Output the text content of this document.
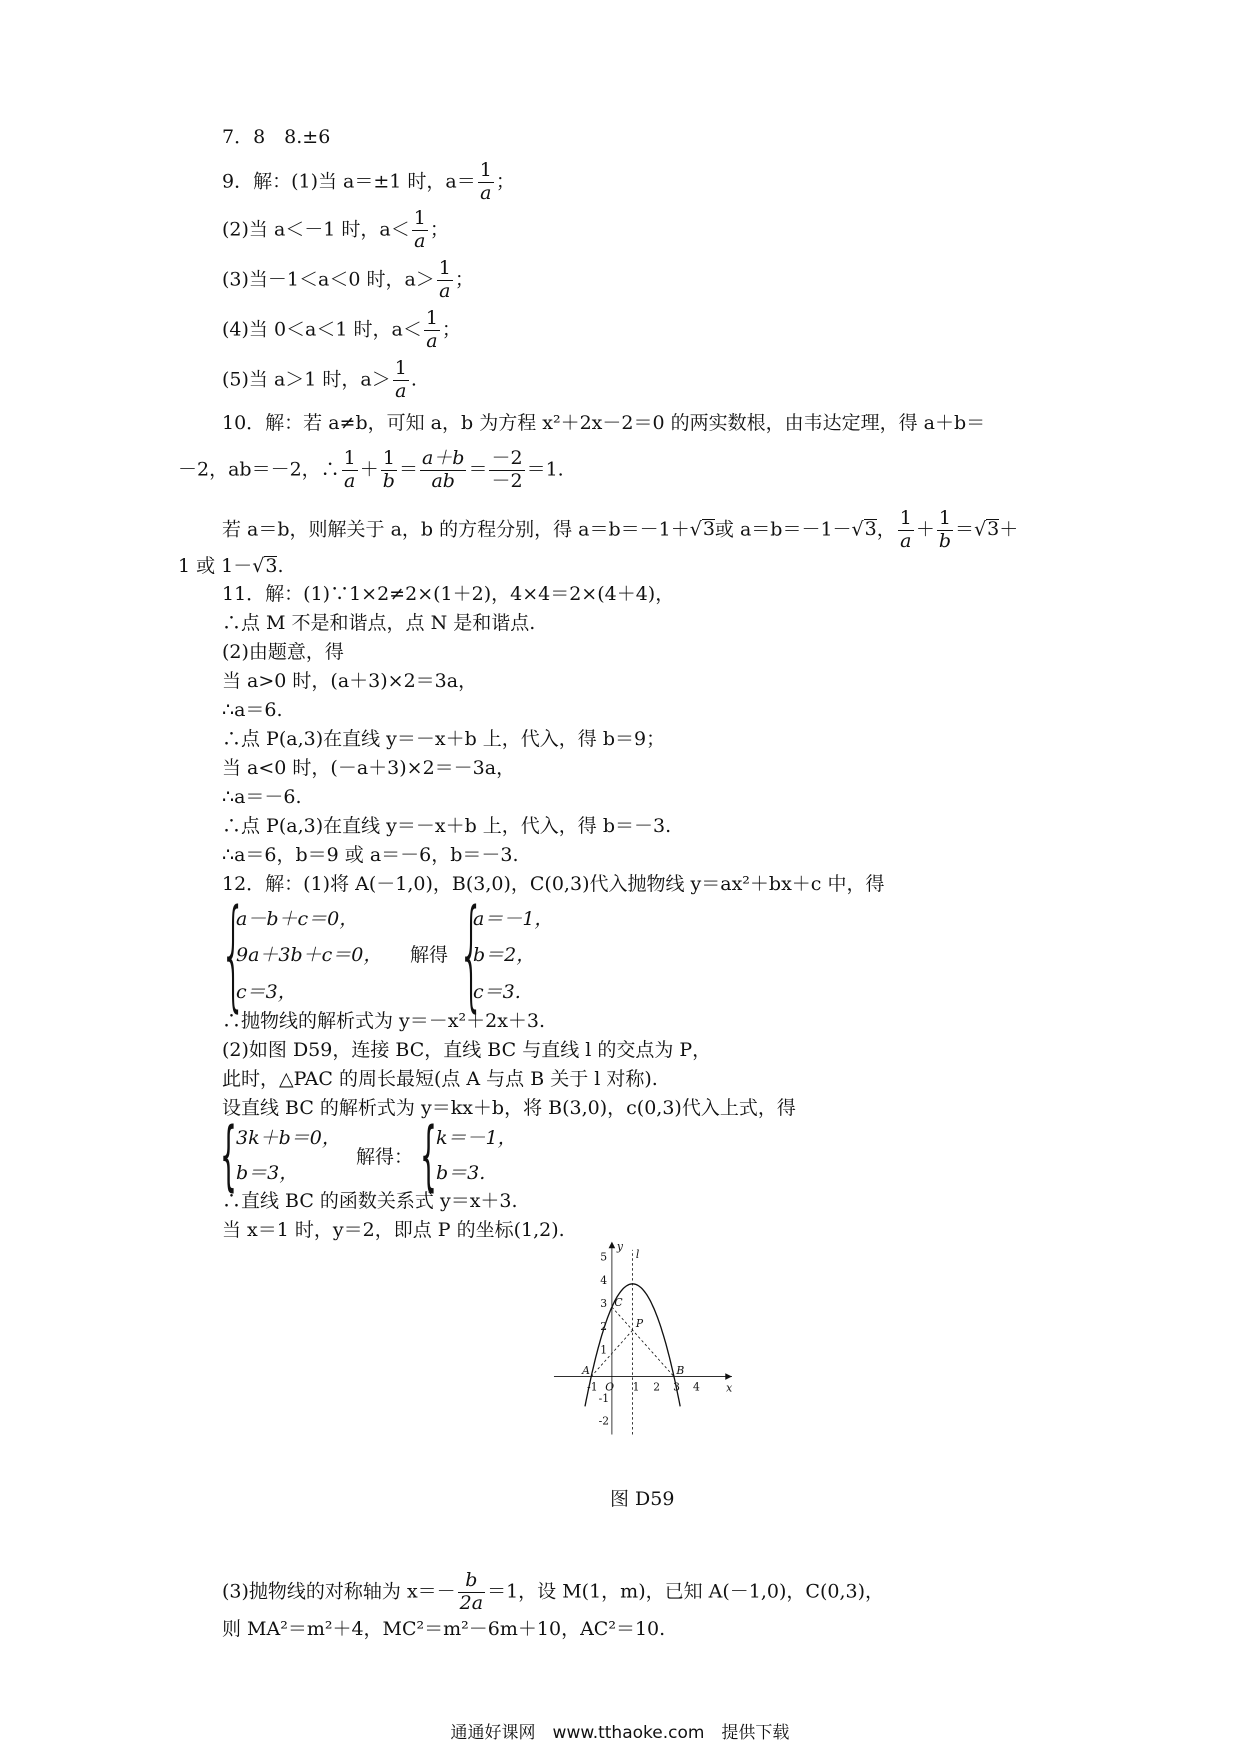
7．8　8.±6
9．解：(1)当 a＝±1 时，$a= \frac{1}{a}$ ；
(2)当 a＜－1 时，$a< \frac{1}{a}$ ；
(3)当－1＜a＜0 时，$a> \frac{1}{a}$ ；
(4)当 0＜a＜1 时，$a< \frac{1}{a}$ ；
(5)当 a＞1 时，$a> \frac{1}{a}$ .
10．解：若 a≠b，可知 a，b 为方程 x²＋2x－2＝0 的两实数根，由韦达定理，得 a＋b＝
－2，ab＝－2，∴ $\frac{1}{a} + \frac{1}{b} = \frac{a+b}{ab} = \frac{-2}{-2} =1$.
若 a＝b，则解关于 a，b 的方程分别，得 a＝b＝－1＋√3或 a＝b＝－1－√3， $\frac{1}{a} + \frac{1}{b} =√3+$
1 或 1－√3.
11．解：(1)∵1×2≠2×(1＋2)，4×4＝2×(4＋4)，
∴点 M 不是和谐点，点 N 是和谐点.
(2)由题意，得
当 a>0 时，(a＋3)×2＝3a，
∴a＝6.
∴点 P(a,3)在直线 y＝－x＋b 上，代入，得 b＝9；
当 a<0 时，(－a＋3)×2＝－3a，
∴a＝－6.
∴点 P(a,3)在直线 y＝－x＋b 上，代入，得 b＝－3.
∴a＝6，b＝9 或 a＝－6，b＝－3.
12．解：(1)将 A(－1,0)，B(3,0)，C(0,3)代入抛物线 y＝ax²＋bx＋c 中，得
{
a－b＋c＝0，
9a＋3b＋c＝0，
c＝3，
解得 {
a＝－1，
b＝2，
c＝3.
∴抛物线的解析式为 y＝－x²＋2x＋3.
(2)如图 D59，连接 BC，直线 BC 与直线 l 的交点为 P，
此时，△PAC 的周长最短(点 A 与点 B 关于 l 对称).
设直线 BC 的解析式为 y＝kx＋b，将 B(3,0)，c(0,3)代入上式，得
{ 3k＋b＝0，
b＝3，
解得： { k＝－1，
b＝3.
∴直线 BC 的函数关系式 y＝x＋3.
当 x＝1 时，y＝2，即点 P 的坐标(1,2).
y
x
5
4
3
2
1
-1
-2
-1 O 1 2 3 4
l
A	B
C
P
图 D59
(3)抛物线的对称轴为 $x=- \frac{b}{2a} =1$，设 M(1，m)，已知 A(－1,0)，C(0,3)，
则 MA²＝m²＋4，MC²＝m²－6m＋10，AC²＝10.
通通好课网　www.tthaoke.com　提供下载
